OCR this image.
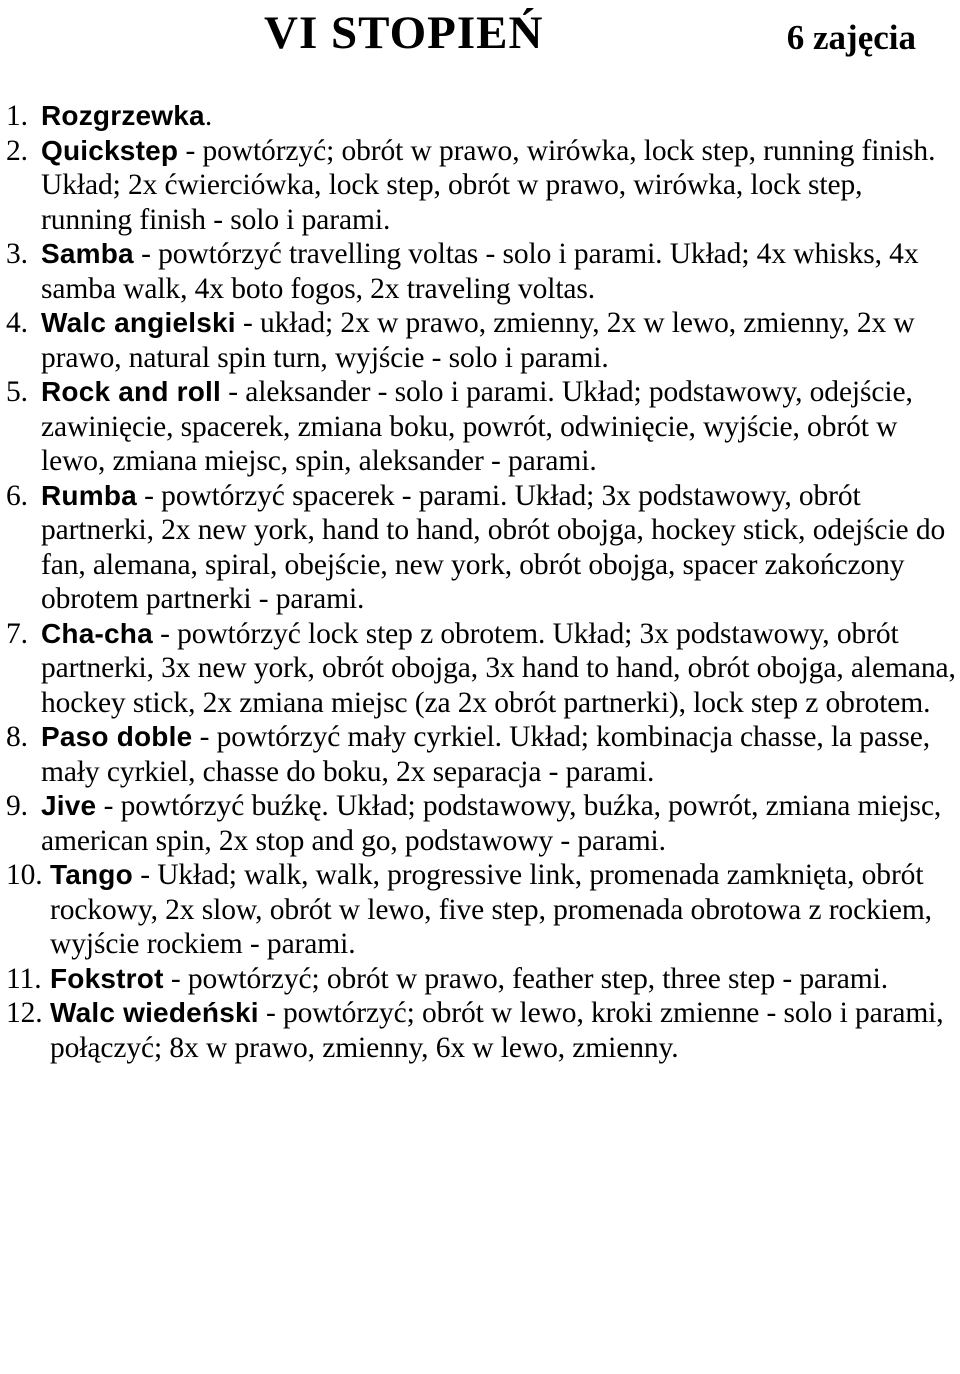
VI STOPIEŃ	6 zajęcia
1. Rozgrzewka.
2. Quickstep - powtórzyć; obrót w prawo, wirówka, lock step, running finish. Układ; 2x ćwierciówka, lock step, obrót w prawo, wirówka, lock step, running finish - solo i parami.
3. Samba - powtórzyć travelling voltas - solo i parami. Układ; 4x whisks, 4x samba walk, 4x boto fogos, 2x traveling voltas.
4. Walc angielski - układ; 2x w prawo, zmienny, 2x w lewo, zmienny, 2x w prawo, natural spin turn, wyjście - solo i parami.
5. Rock and roll - aleksander - solo i parami. Układ; podstawowy, odejście, zawinięcie, spacerek, zmiana boku, powrót, odwinięcie, wyjście, obrót w lewo, zmiana miejsc, spin, aleksander - parami.
6. Rumba - powtórzyć spacerek - parami. Układ; 3x podstawowy, obrót partnerki, 2x new york, hand to hand, obrót obojga, hockey stick, odejście do fan, alemana, spiral, obejście, new york, obrót obojga, spacer zakończony obrotem partnerki - parami.
7. Cha-cha - powtórzyć lock step z obrotem. Układ; 3x podstawowy, obrót partnerki, 3x new york, obrót obojga, 3x hand to hand, obrót obojga, alemana, hockey stick, 2x zmiana miejsc (za 2x obrót partnerki), lock step z obrotem.
8. Paso doble - powtórzyć mały cyrkiel. Układ; kombinacja chasse, la passe, mały cyrkiel, chasse do boku, 2x separacja - parami.
9. Jive - powtórzyć buźkę. Układ; podstawowy, buźka, powrót, zmiana miejsc, american spin, 2x stop and go, podstawowy - parami.
10. Tango - Układ; walk, walk, progressive link, promenada zamknięta, obrót rockowy, 2x slow, obrót w lewo, five step, promenada obrotowa z rockiem, wyjście rockiem - parami.
11. Fokstrot - powtórzyć; obrót w prawo, feather step, three step - parami.
12. Walc wiedeński - powtórzyć; obrót w lewo, kroki zmienne - solo i parami, połączyć; 8x w prawo, zmienny, 6x w lewo, zmienny.
